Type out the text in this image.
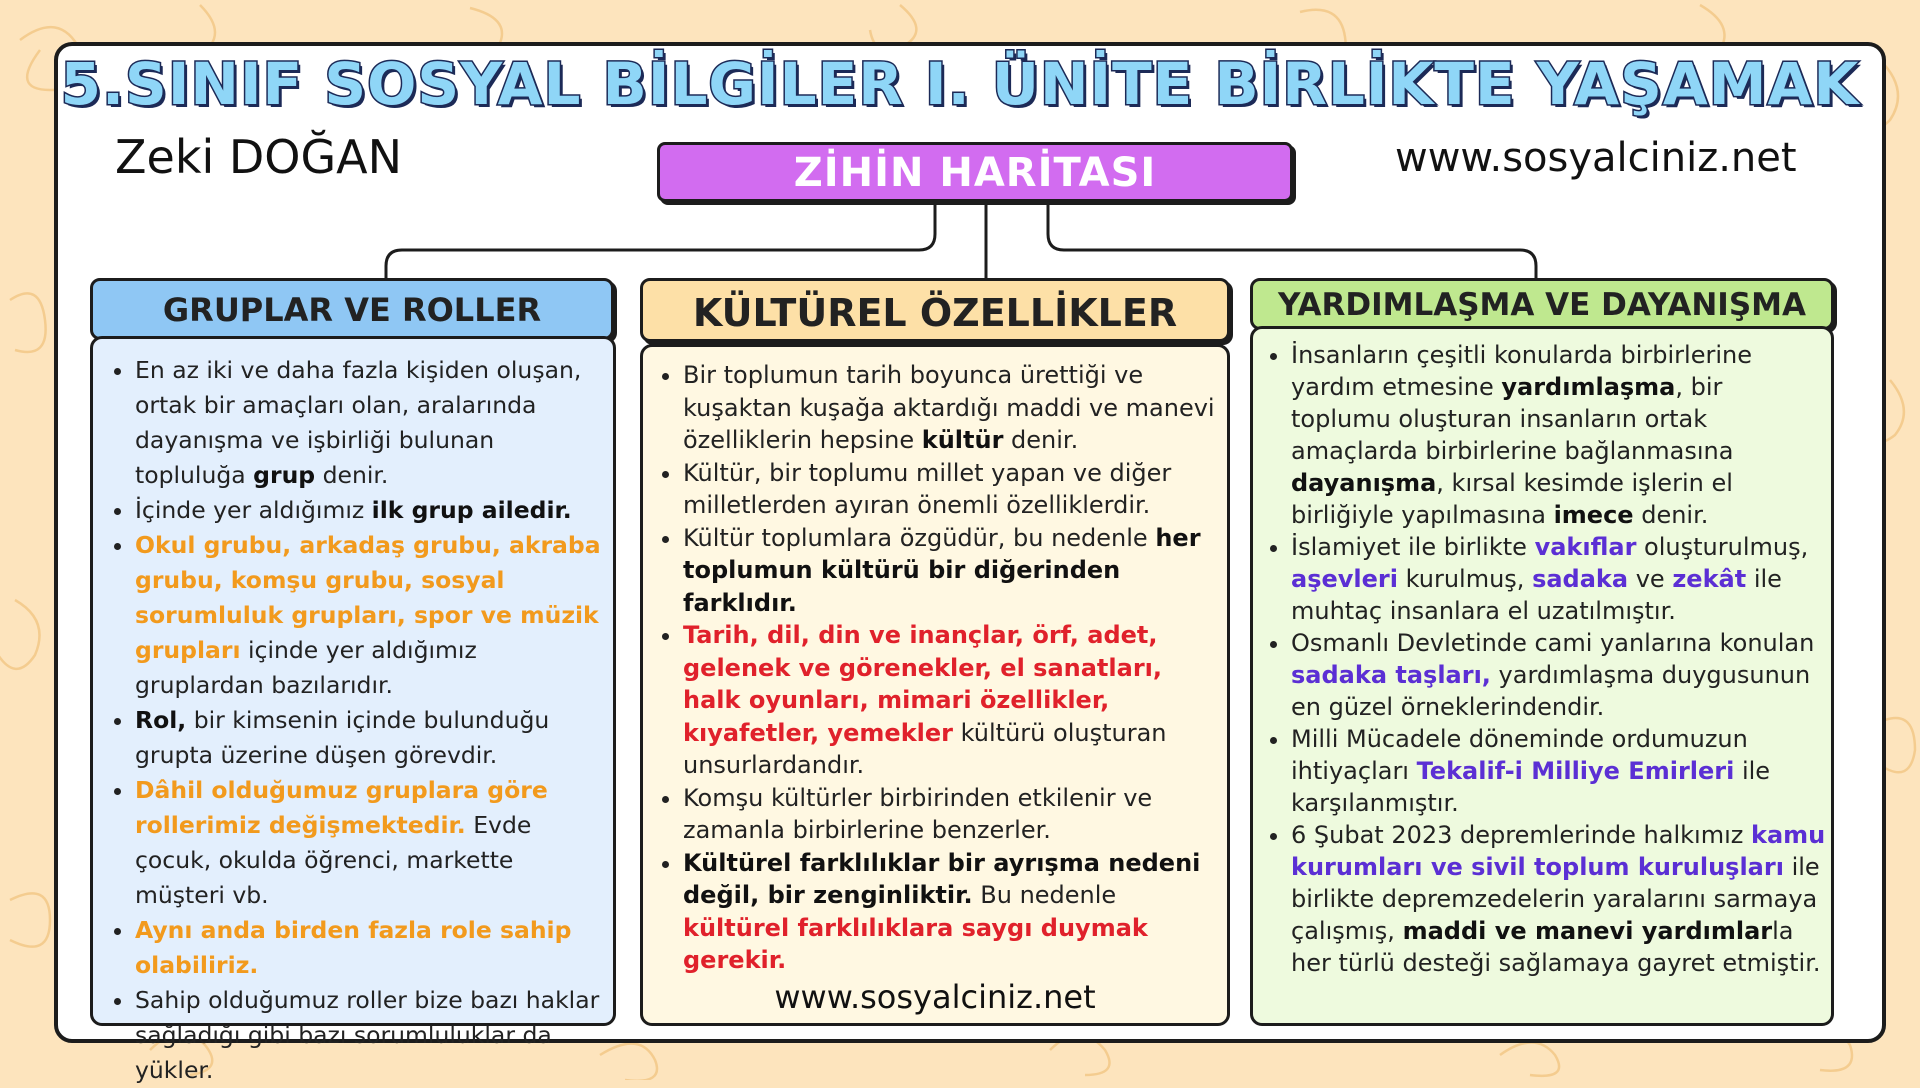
5.SINIF SOSYAL BİLGİLER I. ÜNİTE BİRLİKTE YAŞAMAK
Zeki DOĞAN	www.sosyalciniz.net
ZİHİN HARİTASI
GRUPLAR VE ROLLER	KÜLTÜREL ÖZELLİKLER	YARDIMLAŞMA VE DAYANIŞMA
• En az iki ve daha fazla kişiden oluşan, ortak bir amaçları olan, aralarında dayanışma ve işbirliği bulunan topluluğa grup denir.
• İçinde yer aldığımız ilk grup ailedir.
• Okul grubu, arkadaş grubu, akraba grubu, komşu grubu, sosyal sorumluluk grupları, spor ve müzik grupları içinde yer aldığımız gruplardan bazılarıdır.
• Rol, bir kimsenin içinde bulunduğu grupta üzerine düşen görevdir.
• Dâhil olduğumuz gruplara göre rollerimiz değişmektedir. Evde çocuk, okulda öğrenci, markette müşteri vb.
• Aynı anda birden fazla role sahip olabiliriz.
• Sahip olduğumuz roller bize bazı haklar sağladığı gibi bazı sorumluluklar da yükler.
• Bir toplumun tarih boyunca ürettiği ve kuşaktan kuşağa aktardığı maddi ve manevi özelliklerin hepsine kültür denir.
• Kültür, bir toplumu millet yapan ve diğer milletlerden ayıran önemli özelliklerdir.
• Kültür toplumlara özgüdür, bu nedenle her toplumun kültürü bir diğerinden farklıdır.
• Tarih, dil, din ve inançlar, örf, adet, gelenek ve görenekler, el sanatları, halk oyunları, mimari özellikler, kıyafetler, yemekler kültürü oluşturan unsurlardandır.
• Komşu kültürler birbirinden etkilenir ve zamanla birbirlerine benzerler.
• Kültürel farklılıklar bir ayrışma nedeni değil, bir zenginliktir. Bu nedenle kültürel farklılıklara saygı duymak gerekir.
www.sosyalciniz.net
• İnsanların çeşitli konularda birbirlerine yardım etmesine yardımlaşma, bir toplumu oluşturan insanların ortak amaçlarda birbirlerine bağlanmasına dayanışma, kırsal kesimde işlerin el birliğiyle yapılmasına imece denir.
• İslamiyet ile birlikte vakıflar oluşturulmuş, aşevleri kurulmuş, sadaka ve zekât ile muhtaç insanlara el uzatılmıştır.
• Osmanlı Devletinde cami yanlarına konulan sadaka taşları, yardımlaşma duygusunun en güzel örneklerindendir.
• Milli Mücadele döneminde ordumuzun ihtiyaçları Tekalif-i Milliye Emirleri ile karşılanmıştır.
• 6 Şubat 2023 depremlerinde halkımız kamu kurumları ve sivil toplum kuruluşları ile birlikte depremzedelerin yaralarını sarmaya çalışmış, maddi ve manevi yardımlarla her türlü desteği sağlamaya gayret etmiştir.
